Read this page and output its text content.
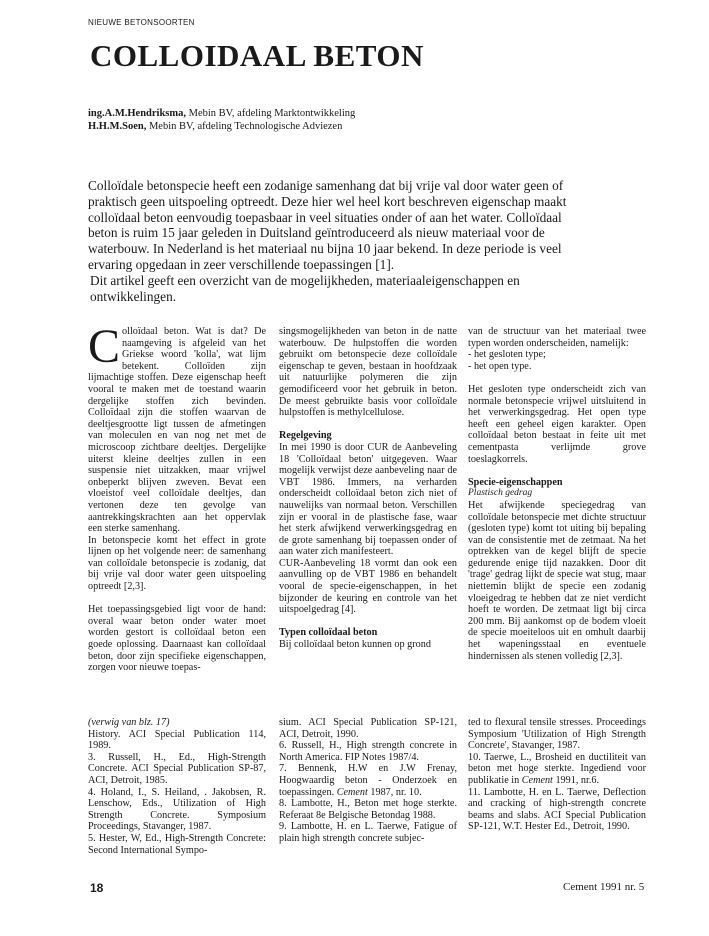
NIEUWE BETONSOORTEN
COLLOIDAAL BETON
ing.A.M.Hendriksma, Mebin BV, afdeling Marktontwikkeling
H.H.M.Soen, Mebin BV, afdeling Technologische Adviezen

Colloïdale betonspecie heeft een zodanige samenhang dat bij vrije val door water geen of praktisch geen uitspoeling optreedt. Deze hier wel heel kort beschreven eigenschap maakt colloïdaal beton eenvoudig toepasbaar in veel situaties onder of aan het water. Colloïdaal beton is ruim 15 jaar geleden in Duitsland geïntroduceerd als nieuw materiaal voor de waterbouw. In Nederland is het materiaal nu bijna 10 jaar bekend. In deze periode is veel ervaring opgedaan in zeer verschillende toepassingen [1].

Dit artikel geeft een overzicht van de mogelijkheden, materiaaleigenschappen en ontwikkelingen.

Colloïdaal beton. Wat is dat? De naamgeving is afgeleid van het Griekse woord 'kolla', wat lijm betekent. Colloïden zijn lijmachtige stoffen. Deze eigenschap heeft vooral te maken met de toestand waarin dergelijke stoffen zich bevinden. Colloïdaal zijn die stoffen waarvan de deeltjesgrootte ligt tussen de afmetingen van moleculen en van nog net met de microscoop zichtbare deeltjes. Dergelijke uiterst kleine deeltjes zullen in een suspensie niet uitzakken, maar vrijwel onbeperkt blijven zweven. Bevat een vloeistof veel colloïdale deeltjes, dan vertonen deze ten gevolge van aantrekkingskrachten aan het oppervlak een sterke samenhang.

In betonspecie komt het effect in grote lijnen op het volgende neer: de samenhang van colloïdale betonspecie is zodanig, dat bij vrije val door water geen uitspoeling optreedt [2,3].

Het toepassingsgebied ligt voor de hand: overal waar beton onder water moet worden gestort is colloïdaal beton een goede oplossing. Daarnaast kan colloïdaal beton, door zijn specifieke eigenschappen, zorgen voor nieuwe toepas-

singsmogelijkheden van beton in de natte waterbouw. De hulpstoffen die worden gebruikt om betonspecie deze colloïdale eigenschap te geven, bestaan in hoofdzaak uit natuurlijke polymeren die zijn gemodificeerd voor het gebruik in beton. De meest gebruikte basis voor colloïdale hulpstoffen is methylcellulose.

Regelgeving

In mei 1990 is door CUR de Aanbeveling 18 'Colloïdaal beton' uitgegeven. Waar mogelijk verwijst deze aanbeveling naar de VBT 1986. Immers, na verharden onderscheidt colloïdaal beton zich niet of nauwelijks van normaal beton. Verschillen zijn er vooral in de plastische fase, waar het sterk afwijkend verwerkingsgedrag en de grote samenhang bij toepassen onder of aan water zich manifesteert.

CUR-Aanbeveling 18 vormt dan ook een aanvulling op de VBT 1986 en behandelt vooral de specie-eigenschappen, in het bijzonder de keuring en controle van het uitspoelgedrag [4].

Typen colloïdaal beton

Bij colloïdaal beton kunnen op grond

van de structuur van het materiaal twee typen worden onderscheiden, namelijk:

- het gesloten type;

- het open type.

Het gesloten type onderscheidt zich van normale betonspecie vrijwel uitsluitend in het verwerkingsgedrag. Het open type heeft een geheel eigen karakter. Open colloïdaal beton bestaat in feite uit met cementpasta verlijmde grove toeslagkorrels.

Specie-eigenschappen

Plastisch gedrag

Het afwijkende speciegedrag van colloïdale betonspecie met dichte structuur (gesloten type) komt tot uiting bij bepaling van de consistentie met de zetmaat. Na het optrekken van de kegel blijft de specie gedurende enige tijd nazakken. Door dit 'trage' gedrag lijkt de specie wat stug, maar niettemin blijkt de specie een zodanig vloeigedrag te hebben dat ze niet verdicht hoeft te worden. De zetmaat ligt bij circa 200 mm. Bij aankomst op de bodem vloeit de specie moeiteloos uit en omhult daarbij het wapeningsstaal en eventuele hindernissen als stenen volledig [2,3].

(verwig van blz. 17)

History. ACI Special Publication 114, 1989.

3. Russell, H., Ed., High-Strength Concrete. ACI Special Publication SP-87, ACI, Detroit, 1985.

4. Holand, I., S. Heiland, . Jakobsen, R. Lenschow, Eds., Utilization of High Strength Concrete. Symposium Proceedings, Stavanger, 1987.

5. Hester, W, Ed., High-Strength Concrete: Second International Sympo-

sium. ACI Special Publication SP-121, ACI, Detroit, 1990.

6. Russell, H., High strength concrete in North America. FIP Notes 1987/4.

7. Bennenk, H.W en J.W Frenay, Hoogwaardig beton - Onderzoek en toepassingen. Cement 1987, nr. 10.

8. Lambotte, H., Beton met hoge sterkte. Referaat 8e Belgische Betondag 1988.

9. Lambotte, H. en L. Taerwe, Fatigue of plain high strength concrete subjec-

ted to flexural tensile stresses. Proceedings Symposium 'Utilization of High Strength Concrete', Stavanger, 1987.

10. Taerwe, L., Brosheid en ductiliteit van beton met hoge sterkte. Ingediend voor publikatie in Cement 1991, nr.6.

11. Lambotte, H. en L. Taerwe, Deflection and cracking of high-strength concrete beams and slabs. ACI Special Publication SP-121, W.T. Hester Ed., Detroit, 1990.

18	Cement 1991 nr. 5
